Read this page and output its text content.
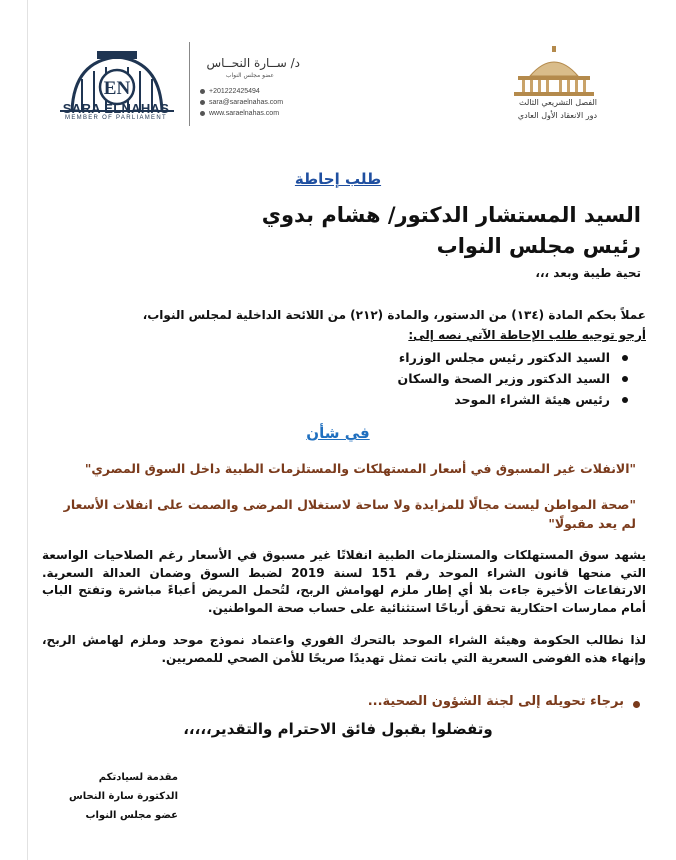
EN
SARA ELNAHAS
MEMBER OF PARLIAMENT
د/ ســارة النحــاس
عضو مجلس النواب
+201222425494
sara@saraelnahas.com
www.saraelnahas.com
الفصل التشريعي الثالث
دور الانعقاد الأول العادي
طلب إحاطة
السيد المستشار الدكتور/ هشام بدوي
رئيس مجلس النواب
تحية طيبة وبعد ،،،
عملاً بحكم المادة (١٣٤) من الدستور، والمادة (٢١٢) من اللائحة الداخلية لمجلس النواب،
أرجو توجيه طلب الإحاطة الآتي نصه إلى:
السيد الدكتور رئيس مجلس الوزراء
السيد الدكتور وزير الصحة والسكان
رئيس هيئة الشراء الموحد
في شأن
"الانفلات غير المسبوق في أسعار المستهلكات والمستلزمات الطبية داخل السوق المصري"
"صحة المواطن ليست مجالًا للمزايدة ولا ساحة لاستغلال المرضى والصمت على انفلات الأسعار لم يعد مقبولًا"
يشهد سوق المستهلكات والمستلزمات الطبية انفلاتًا غير مسبوق في الأسعار رغم الصلاحيات الواسعة التي منحها قانون الشراء الموحد رقم 151 لسنة 2019 لضبط السوق وضمان العدالة السعرية. الارتفاعات الأخيرة جاءت بلا أي إطار ملزم لهوامش الربح، لتُحمل المريض أعباءً مباشرة وتفتح الباب أمام ممارسات احتكارية تحقق أرباحًا استثنائية على حساب صحة المواطنين.
لذا نطالب الحكومة وهيئة الشراء الموحد بالتحرك الفوري واعتماد نموذج موحد وملزم لهامش الربح، وإنهاء هذه الفوضى السعرية التي باتت تمثل تهديدًا صريحًا للأمن الصحي للمصريين.
برجاء تحويله إلى لجنة الشؤون الصحية...
وتفضلوا بقبول فائق الاحترام والتقدير،،،،،
مقدمة لسيادتكم
الدكتورة سارة النحاس
عضو مجلس النواب
